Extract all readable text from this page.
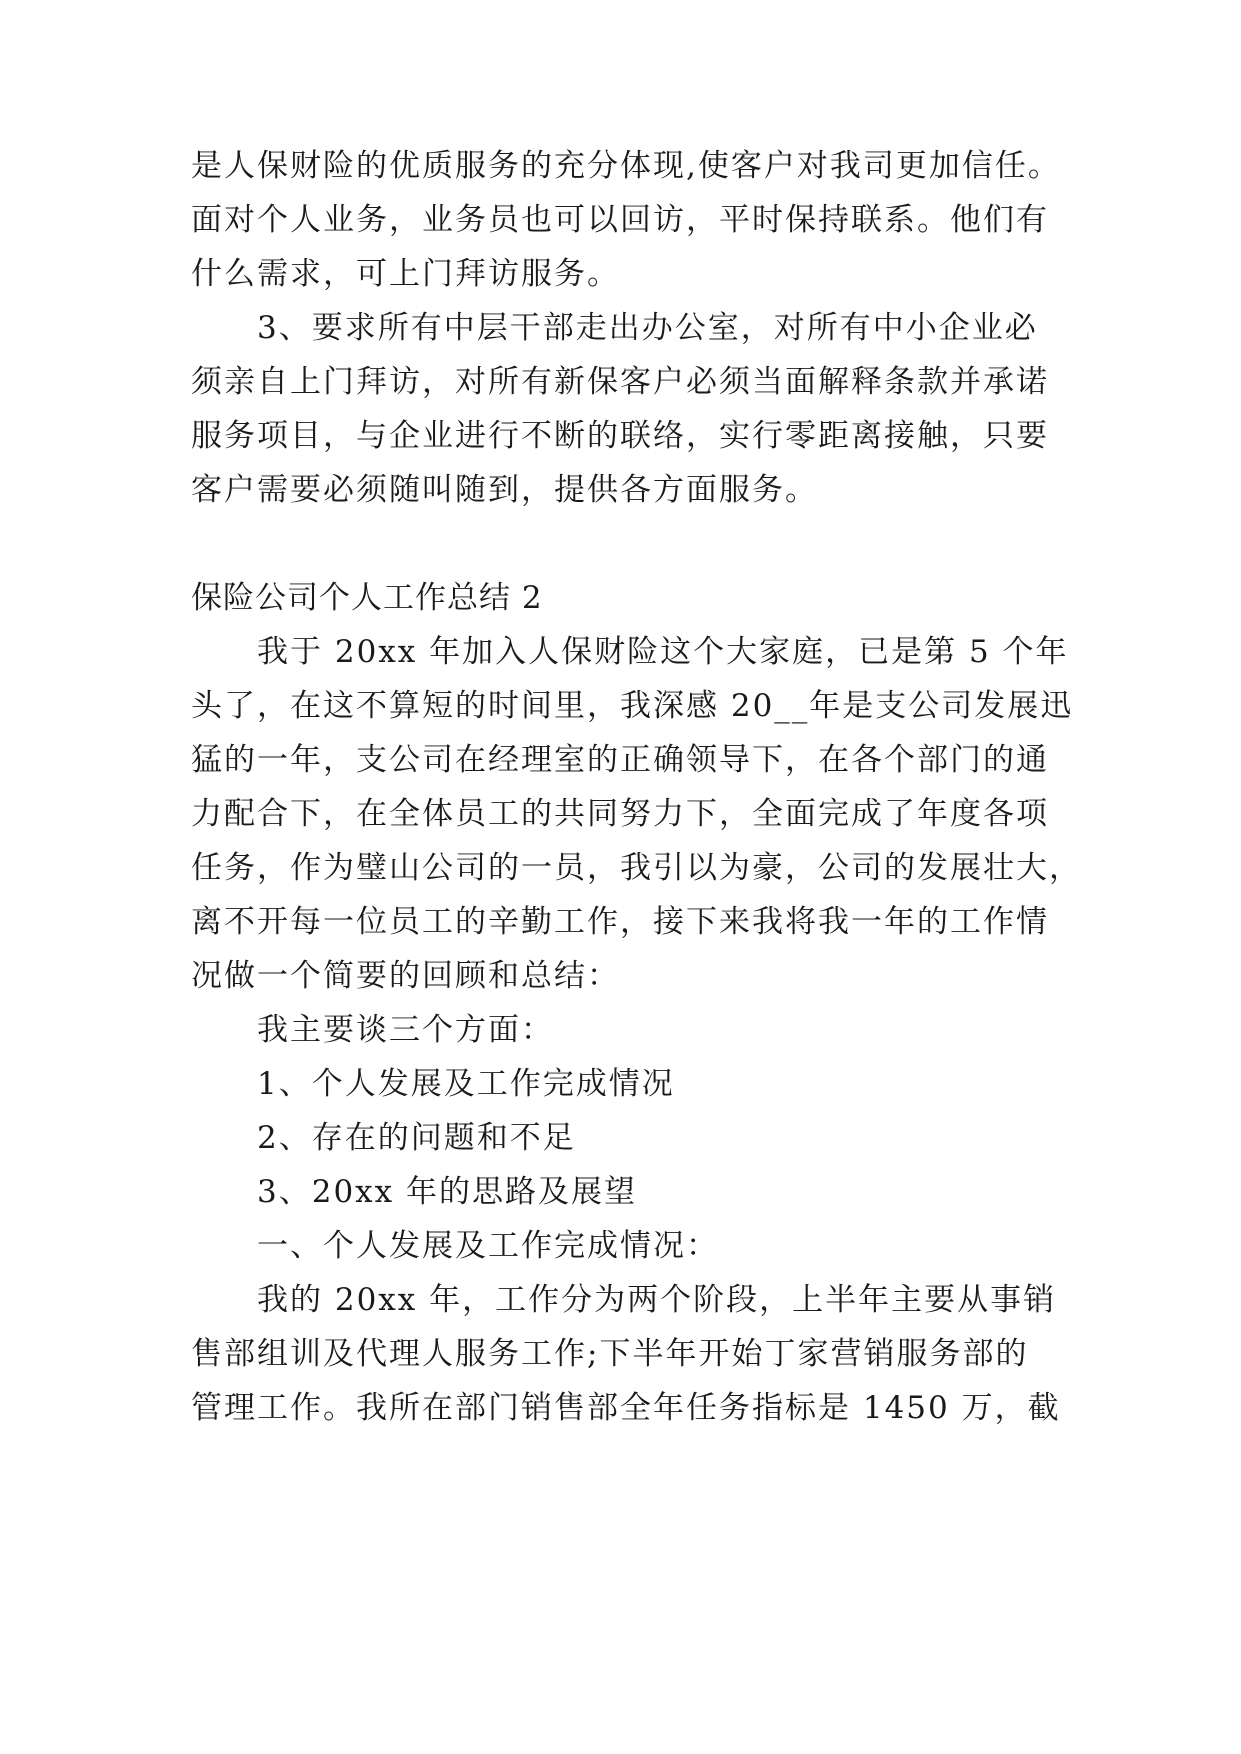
是人保财险的优质服务的充分体现,使客户对我司更加信任。
面对个人业务，业务员也可以回访，平时保持联系。他们有
什么需求，可上门拜访服务。
3、要求所有中层干部走出办公室，对所有中小企业必
须亲自上门拜访，对所有新保客户必须当面解释条款并承诺
服务项目，与企业进行不断的联络，实行零距离接触，只要
客户需要必须随叫随到，提供各方面服务。
保险公司个人工作总结 2
我于 20xx 年加入人保财险这个大家庭，已是第 5 个年
头了，在这不算短的时间里，我深感 20__年是支公司发展迅
猛的一年，支公司在经理室的正确领导下，在各个部门的通
力配合下，在全体员工的共同努力下，全面完成了年度各项
任务，作为璧山公司的一员，我引以为豪，公司的发展壮大，
离不开每一位员工的辛勤工作，接下来我将我一年的工作情
况做一个简要的回顾和总结：
我主要谈三个方面：
1、个人发展及工作完成情况
2、存在的问题和不足
3、20xx 年的思路及展望
一、个人发展及工作完成情况：
我的 20xx 年，工作分为两个阶段，上半年主要从事销
售部组训及代理人服务工作;下半年开始丁家营销服务部的
管理工作。我所在部门销售部全年任务指标是 1450 万，截
